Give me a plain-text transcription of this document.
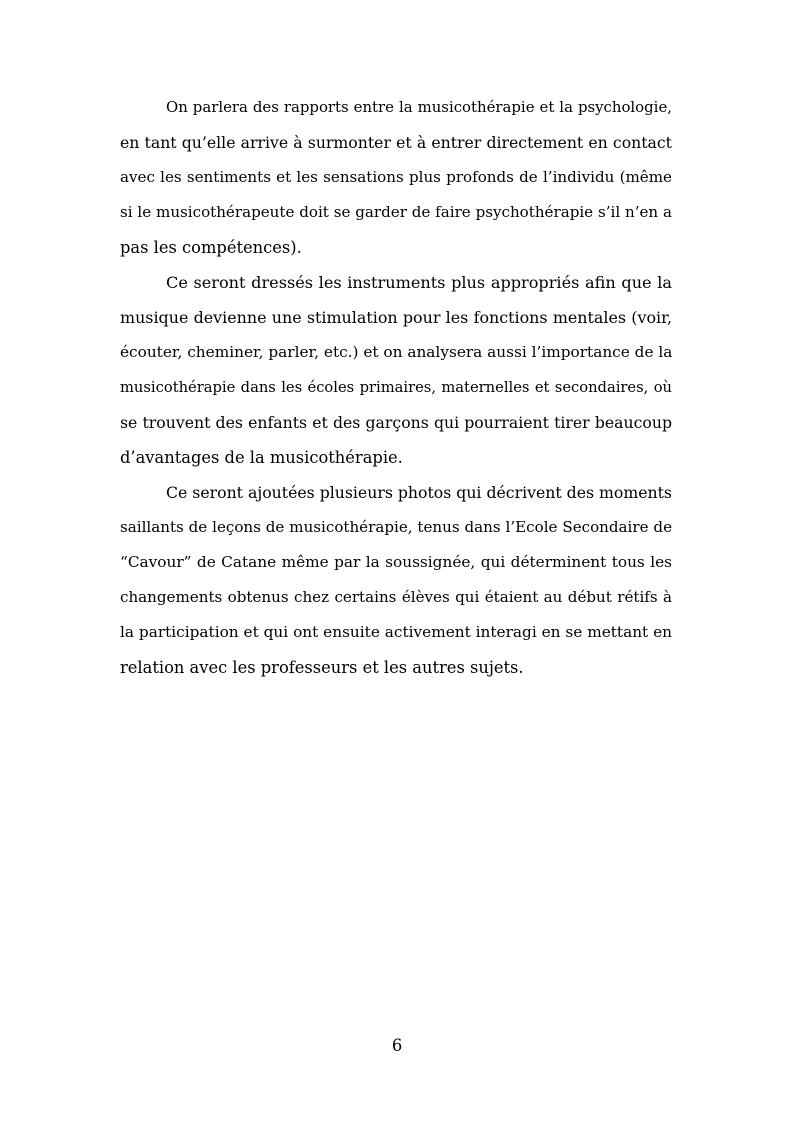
On parlera des rapports entre la musicothérapie et la psychologie,
en tant qu’elle arrive à surmonter et à entrer directement en contact
avec les sentiments et les sensations plus profonds de l’individu (même
si le musicothérapeute doit se garder de faire psychothérapie s’il n’en a
pas les compétences).
Ce seront dressés les instruments plus appropriés afin que la
musique devienne une stimulation pour les fonctions mentales (voir,
écouter, cheminer, parler, etc.) et on analysera aussi l’importance de la
musicothérapie dans les écoles primaires, maternelles et secondaires, où
se trouvent des enfants et des garçons qui pourraient tirer beaucoup
d’avantages de la musicothérapie.
Ce seront ajoutées plusieurs photos qui décrivent des moments
saillants de leçons de musicothérapie, tenus dans l’Ecole Secondaire de
“Cavour” de Catane même par la soussignée, qui déterminent tous les
changements obtenus chez certains élèves qui étaient au début rétifs à
la participation et qui ont ensuite activement interagi en se mettant en
relation avec les professeurs et les autres sujets.
6
